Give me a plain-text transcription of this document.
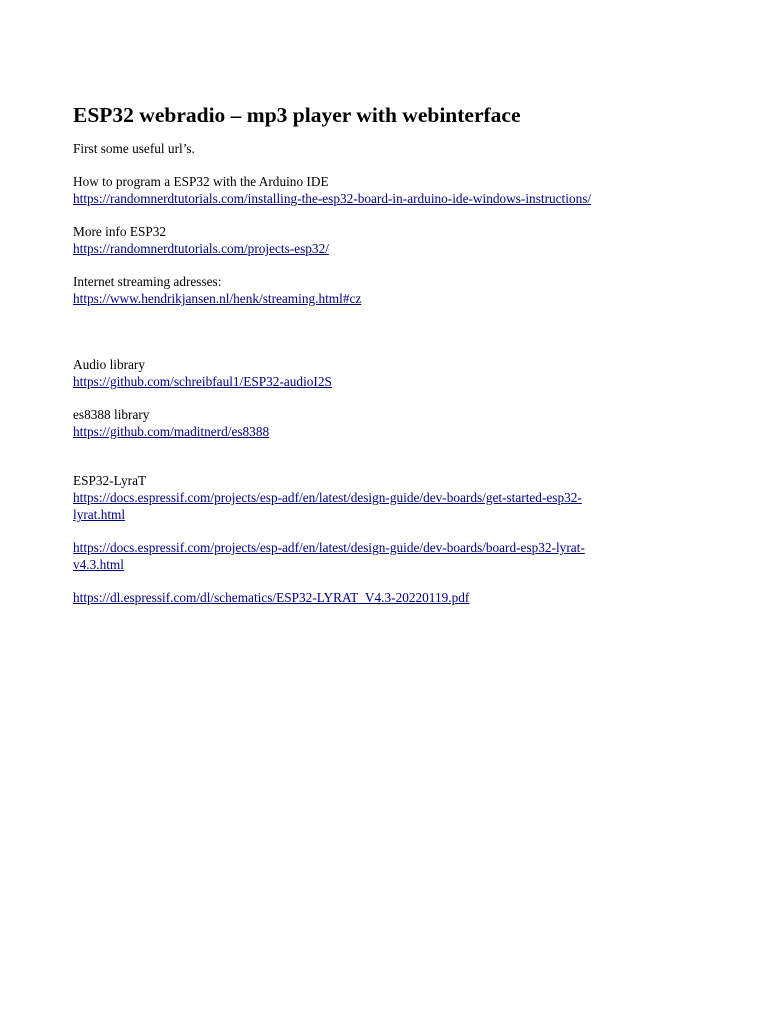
ESP32 webradio – mp3 player with webinterface

First some useful url’s.

How to program a ESP32 with the Arduino IDE

https://randomnerdtutorials.com/installing-the-esp32-board-in-arduino-ide-windows-instructions/

More info ESP32

https://randomnerdtutorials.com/projects-esp32/

Internet streaming adresses:

https://www.hendrikjansen.nl/henk/streaming.html#cz

Audio library

https://github.com/schreibfaul1/ESP32-audioI2S

es8388 library

https://github.com/maditnerd/es8388

ESP32-LyraT

https://docs.espressif.com/projects/esp-adf/en/latest/design-guide/dev-boards/get-started-esp32-
lyrat.html
https://docs.espressif.com/projects/esp-adf/en/latest/design-guide/dev-boards/board-esp32-lyrat-
v4.3.html
https://dl.espressif.com/dl/schematics/ESP32-LYRAT_V4.3-20220119.pdf
